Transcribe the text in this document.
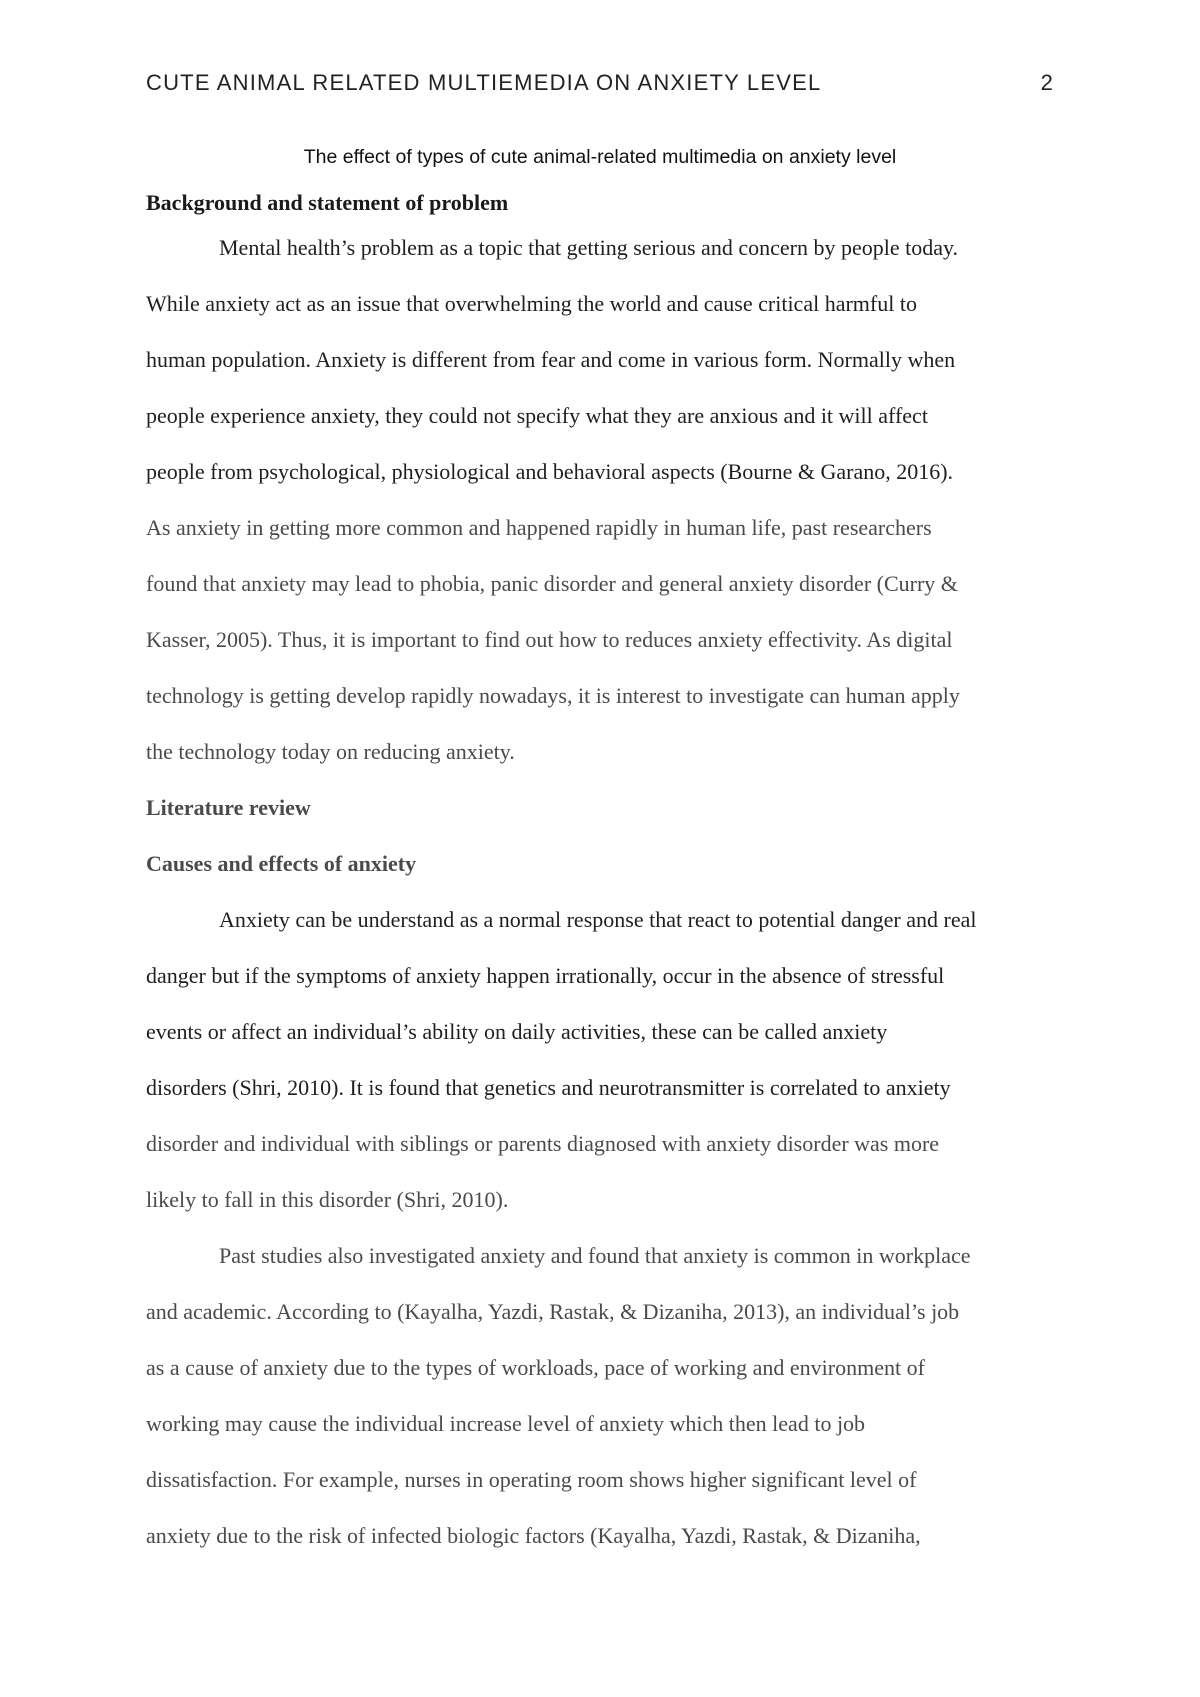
CUTE ANIMAL RELATED MULTIEMEDIA ON ANXIETY LEVEL	2
The effect of types of cute animal-related multimedia on anxiety level
Background and statement of problem
Mental health’s problem as a topic that getting serious and concern by people today.
While anxiety act as an issue that overwhelming the world and cause critical harmful to
human population. Anxiety is different from fear and come in various form. Normally when
people experience anxiety, they could not specify what they are anxious and it will affect
people from psychological, physiological and behavioral aspects (Bourne & Garano, 2016).
As anxiety in getting more common and happened rapidly in human life, past researchers
found that anxiety may lead to phobia, panic disorder and general anxiety disorder (Curry &
Kasser, 2005). Thus, it is important to find out how to reduces anxiety effectivity. As digital
technology is getting develop rapidly nowadays, it is interest to investigate can human apply
the technology today on reducing anxiety.
Literature review
Causes and effects of anxiety
Anxiety can be understand as a normal response that react to potential danger and real
danger but if the symptoms of anxiety happen irrationally, occur in the absence of stressful
events or affect an individual’s ability on daily activities, these can be called anxiety
disorders (Shri, 2010). It is found that genetics and neurotransmitter is correlated to anxiety
disorder and individual with siblings or parents diagnosed with anxiety disorder was more
likely to fall in this disorder (Shri, 2010).
Past studies also investigated anxiety and found that anxiety is common in workplace
and academic. According to (Kayalha, Yazdi, Rastak, & Dizaniha, 2013), an individual’s job
as a cause of anxiety due to the types of workloads, pace of working and environment of
working may cause the individual increase level of anxiety which then lead to job
dissatisfaction. For example, nurses in operating room shows higher significant level of
anxiety due to the risk of infected biologic factors (Kayalha, Yazdi, Rastak, & Dizaniha,
